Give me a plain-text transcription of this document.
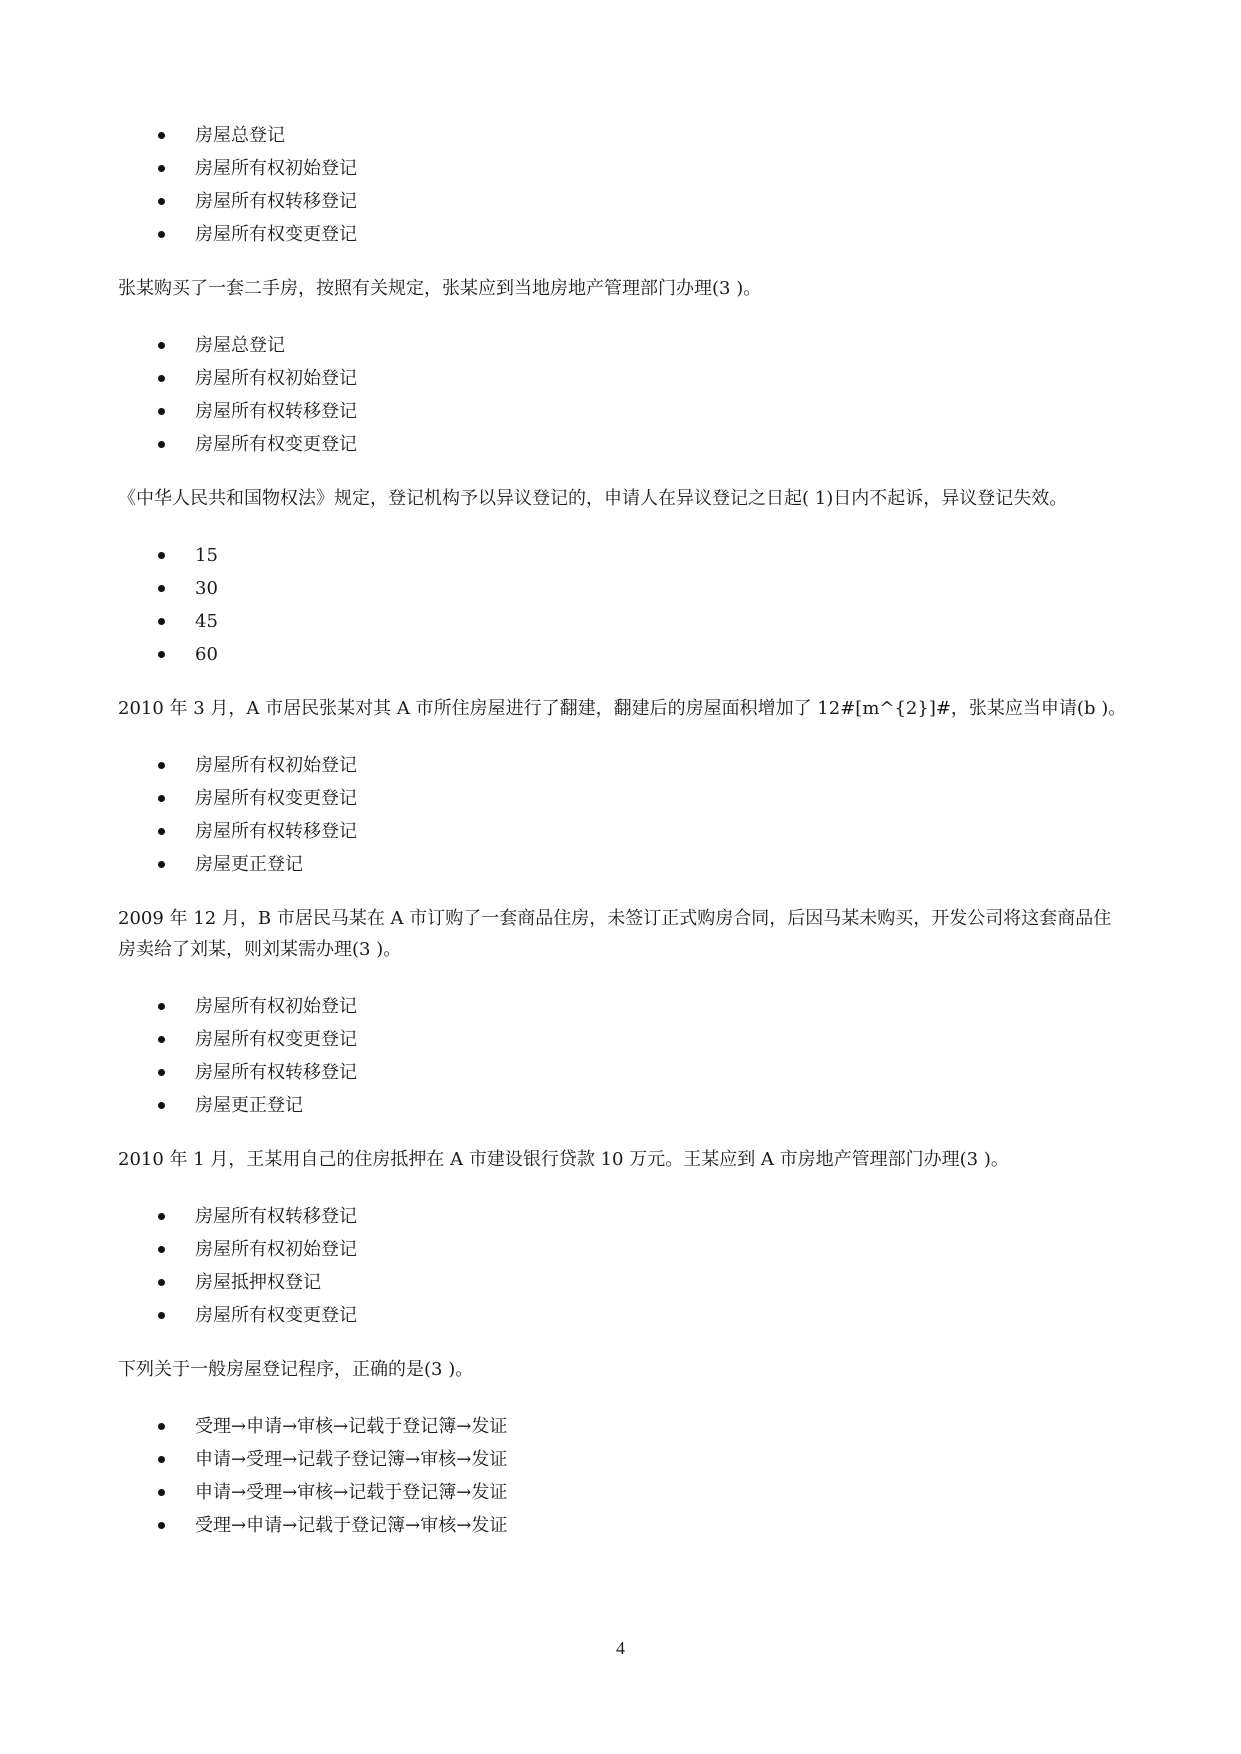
房屋总登记
房屋所有权初始登记
房屋所有权转移登记
房屋所有权变更登记

张某购买了一套二手房，按照有关规定，张某应到当地房地产管理部门办理(3 )。

房屋总登记
房屋所有权初始登记
房屋所有权转移登记
房屋所有权变更登记

《中华人民共和国物权法》规定，登记机构予以异议登记的，申请人在异议登记之日起( 1)日内不起诉，异议登记失效。

15
30
45
60

2010 年 3 月，A 市居民张某对其 A 市所住房屋进行了翻建，翻建后的房屋面积增加了 12#[m^{2}]#，张某应当申请(b )。

房屋所有权初始登记
房屋所有权变更登记
房屋所有权转移登记
房屋更正登记

2009 年 12 月，B 市居民马某在 A 市订购了一套商品住房，未签订正式购房合同，后因马某未购买，开发公司将这套商品住房卖给了刘某，则刘某需办理(3 )。

房屋所有权初始登记
房屋所有权变更登记
房屋所有权转移登记
房屋更正登记

2010 年 1 月，王某用自己的住房抵押在 A 市建设银行贷款 10 万元。王某应到 A 市房地产管理部门办理(3 )。

房屋所有权转移登记
房屋所有权初始登记
房屋抵押权登记
房屋所有权变更登记

下列关于一般房屋登记程序，正确的是(3 )。

受理→申请→审核→记载于登记簿→发证
申请→受理→记载子登记簿→审核→发证
申请→受理→审核→记载于登记簿→发证
受理→申请→记载于登记簿→审核→发证
4
